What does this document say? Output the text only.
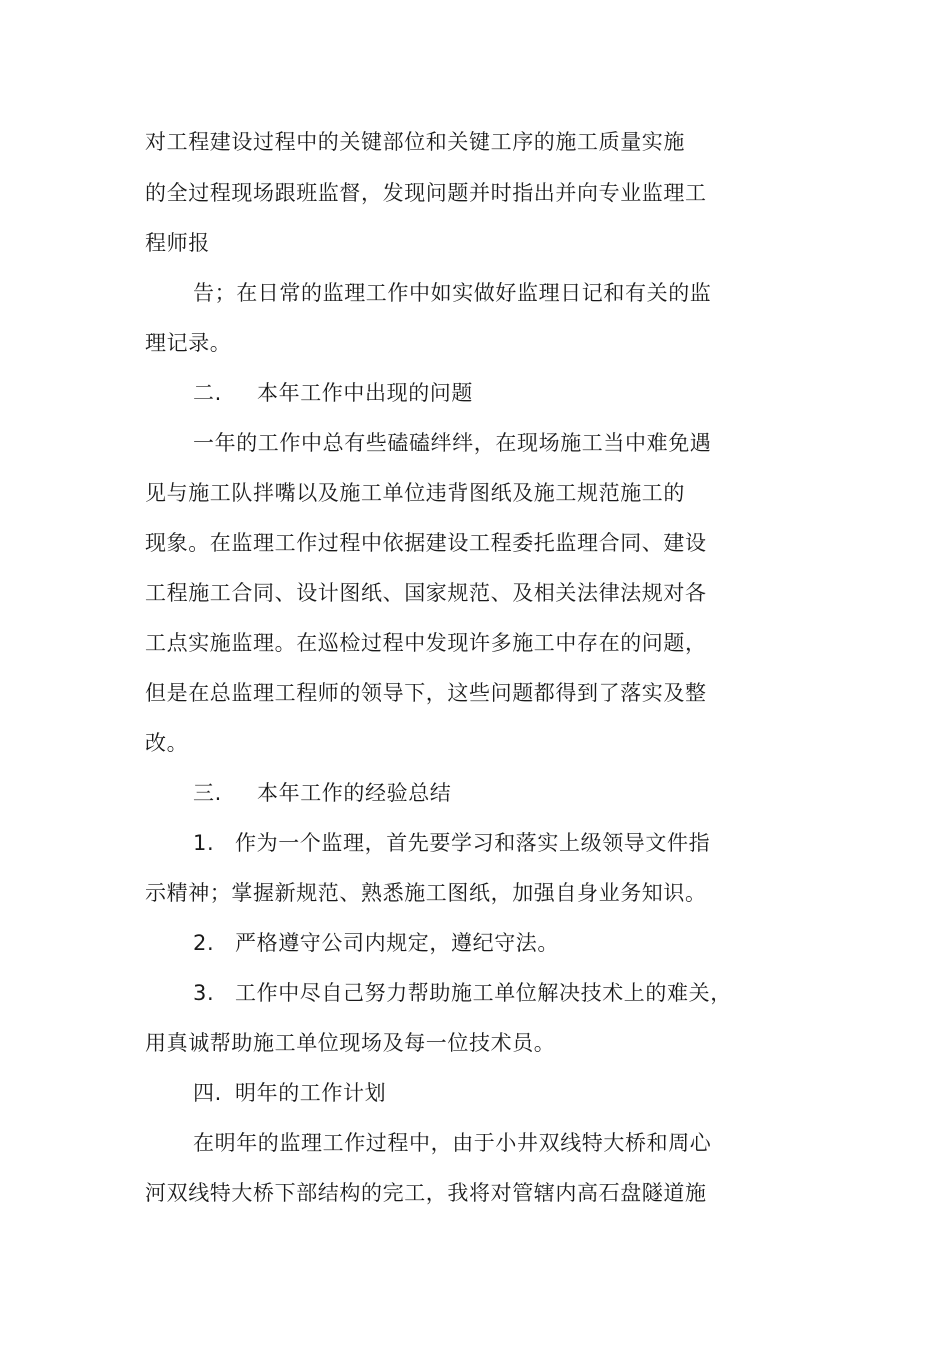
对工程建设过程中的关键部位和关键工序的施工质量实施
的全过程现场跟班监督，发现问题并时指出并向专业监理工
程师报
告；在日常的监理工作中如实做好监理日记和有关的监
理记录。
二. 本年工作中出现的问题
一年的工作中总有些磕磕绊绊，在现场施工当中难免遇
见与施工队拌嘴以及施工单位违背图纸及施工规范施工的
现象。在监理工作过程中依据建设工程委托监理合同、建设
工程施工合同、设计图纸、国家规范、及相关法律法规对各
工点实施监理。在巡检过程中发现许多施工中存在的问题，
但是在总监理工程师的领导下，这些问题都得到了落实及整
改。
三. 本年工作的经验总结
1. 作为一个监理，首先要学习和落实上级领导文件指
示精神；掌握新规范、熟悉施工图纸，加强自身业务知识。
2. 严格遵守公司内规定，遵纪守法。
3. 工作中尽自己努力帮助施工单位解决技术上的难关，
用真诚帮助施工单位现场及每一位技术员。
四. 明年的工作计划
在明年的监理工作过程中，由于小井双线特大桥和周心
河双线特大桥下部结构的完工，我将对管辖内高石盘隧道施
